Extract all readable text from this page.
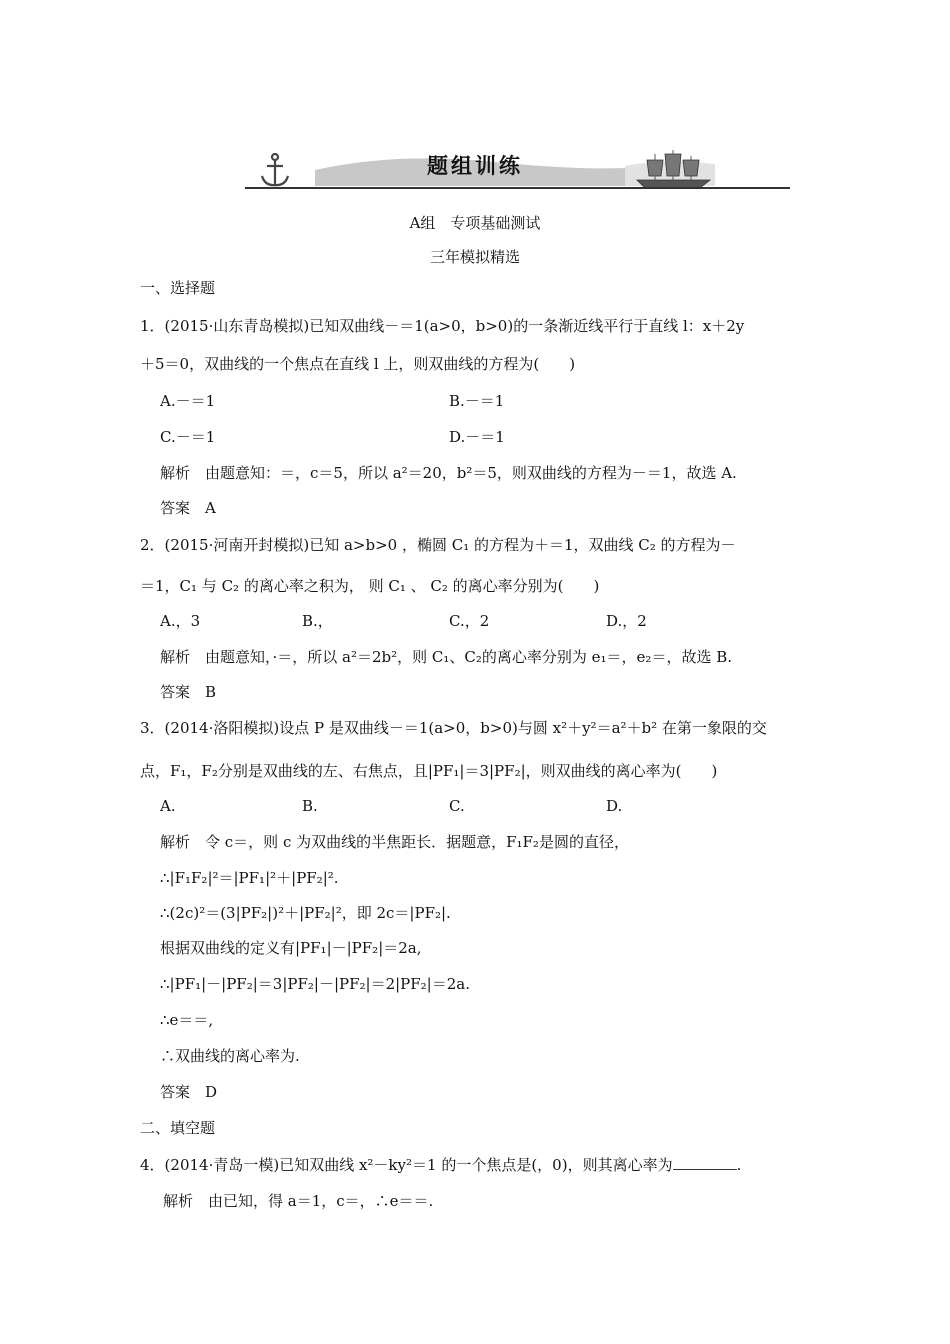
题组训练
A组　专项基础测试
三年模拟精选
一、选择题
1．(2015·山东青岛模拟)已知双曲线－＝1(a>0，b>0)的一条渐近线平行于直线 l：x＋2y
＋5＝0，双曲线的一个焦点在直线 l 上，则双曲线的方程为(　　)
A.－＝1	B.－＝1
C.－＝1	D.－＝1
解析　由题意知：＝，c＝5，所以 a²＝20，b²＝5，则双曲线的方程为－＝1，故选 A.
答案　A
2．(2015·河南开封模拟)已知 a>b>0 ，椭圆 C₁ 的方程为＋＝1，双曲线 C₂ 的方程为－
＝1，C₁ 与 C₂ 的离心率之积为， 则 C₁ 、 C₂ 的离心率分别为(　　)
A.，3	B.，	C.，2	D.，2
解析　由题意知，·＝，所以 a²＝2b²，则 C₁、C₂的离心率分别为 e₁＝，e₂＝，故选 B.
答案　B
3．(2014·洛阳模拟)设点 P 是双曲线－＝1(a>0，b>0)与圆 x²＋y²＝a²＋b² 在第一象限的交
点，F₁，F₂分别是双曲线的左、右焦点，且|PF₁|＝3|PF₂|，则双曲线的离心率为(　　)
A.	B.	C.	D.
解析　令 c＝，则 c 为双曲线的半焦距长．据题意，F₁F₂是圆的直径，
∴|F₁F₂|²＝|PF₁|²＋|PF₂|².
∴(2c)²＝(3|PF₂|)²＋|PF₂|²，即 2c＝|PF₂|.
根据双曲线的定义有|PF₁|－|PF₂|＝2a,
∴|PF₁|－|PF₂|＝3|PF₂|－|PF₂|＝2|PF₂|＝2a.
∴e＝＝,
∴双曲线的离心率为.
答案　D
二、填空题
4．(2014·青岛一模)已知双曲线 x²－ky²＝1 的一个焦点是(，0)，则其离心率为	.
解析　由已知，得 a＝1，c＝，∴e＝＝.
